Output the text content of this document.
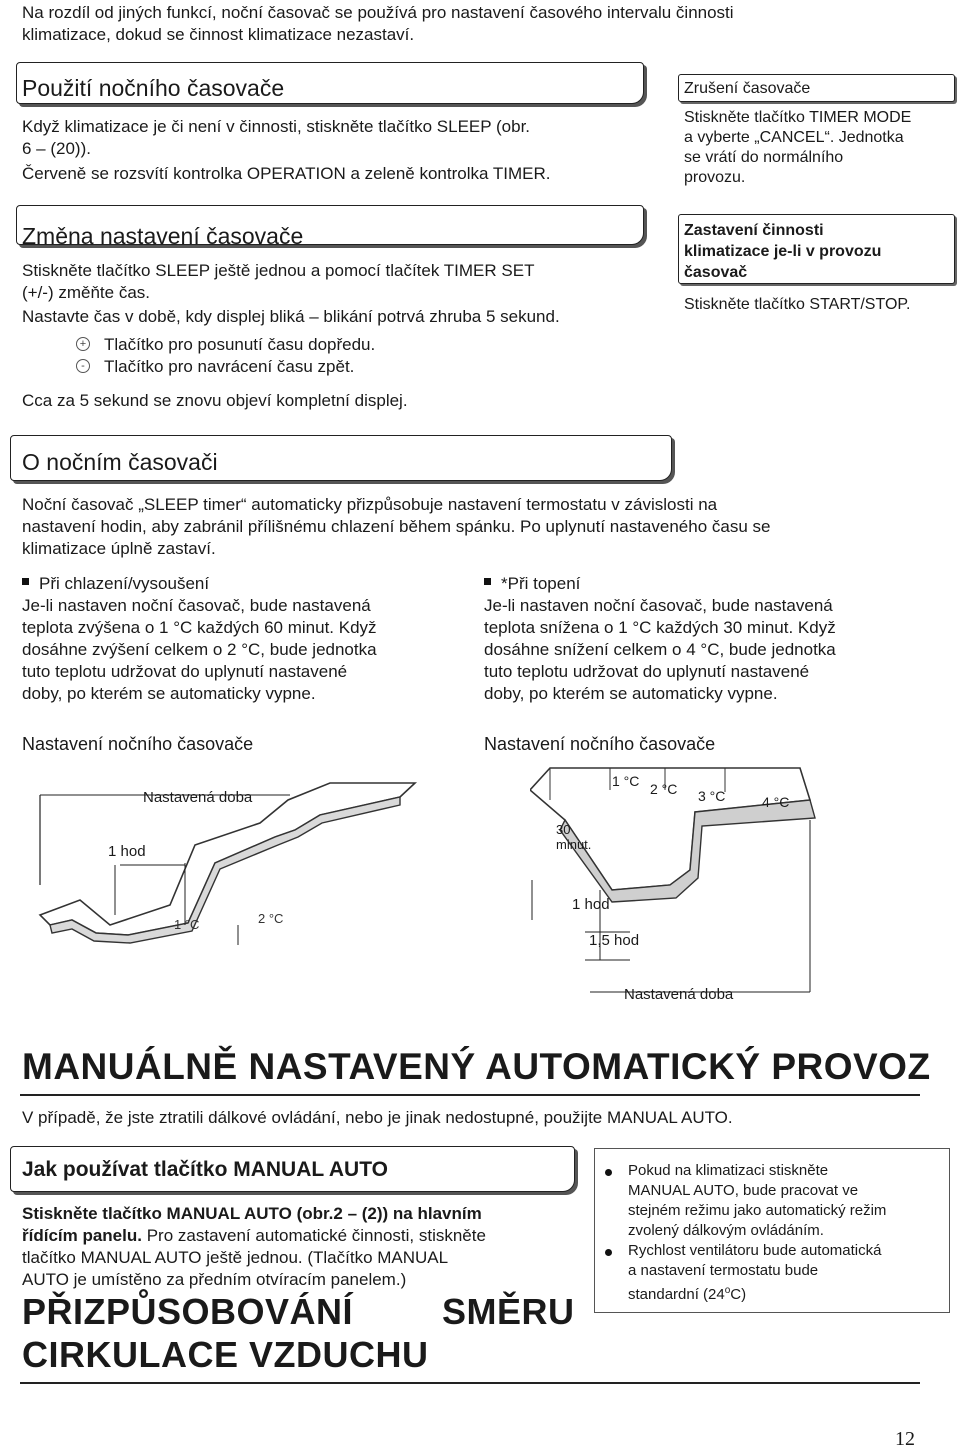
Na rozdíl od jiných funkcí, noční časovač se používá pro nastavení časového intervalu činnosti
klimatizace, dokud se činnost klimatizace nezastaví.
Použití nočního časovače
Když klimatizace je či není v činnosti, stiskněte tlačítko SLEEP (obr.
6 – (20)).
Červeně se rozsvítí kontrolka OPERATION a zeleně kontrolka TIMER.
Změna nastavení časovače
Stiskněte tlačítko SLEEP ještě jednou a pomocí tlačítek TIMER SET
(+/-) změňte čas.
Nastavte čas v době, kdy displej bliká – blikání potrvá zhruba 5 sekund.
+ Tlačítko pro posunutí času dopředu.
- Tlačítko pro navrácení času zpět.
Cca za 5 sekund se znovu objeví kompletní displej.
Zrušení časovače
Stiskněte tlačítko TIMER MODE
a vyberte „CANCEL“. Jednotka
se vrátí do normálního
provozu.
Zastavení činnosti
klimatizace je-li v provozu
časovač
Stiskněte tlačítko START/STOP.
O nočním časovači
Noční časovač „SLEEP timer“ automaticky přizpůsobuje nastavení termostatu v závislosti na
nastavení hodin, aby zabránil přílišnému chlazení během spánku. Po uplynutí nastaveného času se
klimatizace úplně zastaví.
Při chlazení/vysoušení
Je-li nastaven noční časovač, bude nastavená
teplota zvýšena o 1 °C každých 60 minut. Když
dosáhne zvýšení celkem o 2 °C, bude jednotka
tuto teplotu udržovat do uplynutí nastavené
doby, po kterém se automaticky vypne.
Nastavení nočního časovače
*Při topení
Je-li nastaven noční časovač, bude nastavená
teplota snížena o 1 °C každých 30 minut. Když
dosáhne snížení celkem o 4 °C, bude jednotka
tuto teplotu udržovat do uplynutí nastavené
doby, po kterém se automaticky vypne.
Nastavení nočního časovače
Nastavená doba
1 hod
1 °C	2 °C
1 °C 2 °C 3 °C	4 °C
30
minut.
1 hod
1,5 hod
Nastavená doba
MANUÁLNĚ NASTAVENÝ AUTOMATICKÝ PROVOZ
V případě, že jste ztratili dálkové ovládání, nebo je jinak nedostupné, použijte MANUAL AUTO.
Jak používat tlačítko MANUAL AUTO
Stiskněte tlačítko MANUAL AUTO (obr.2 – (2)) na hlavním
řídícím panelu. Pro zastavení automatické činnosti, stiskněte
tlačítko MANUAL AUTO ještě jednou. (Tlačítko MANUAL
AUTO je umístěno za předním otvíracím panelem.)
Pokud na klimatizaci stiskněte
MANUAL AUTO, bude pracovat ve
stejném režimu jako automatický režim
zvolený dálkovým ovládáním.
Rychlost ventilátoru bude automatická
a nastavení termostatu bude
standardní (24$^o$C)
PŘIZPŮSOBOVÁNÍ SMĚRU
CIRKULACE VZDUCHU
12
